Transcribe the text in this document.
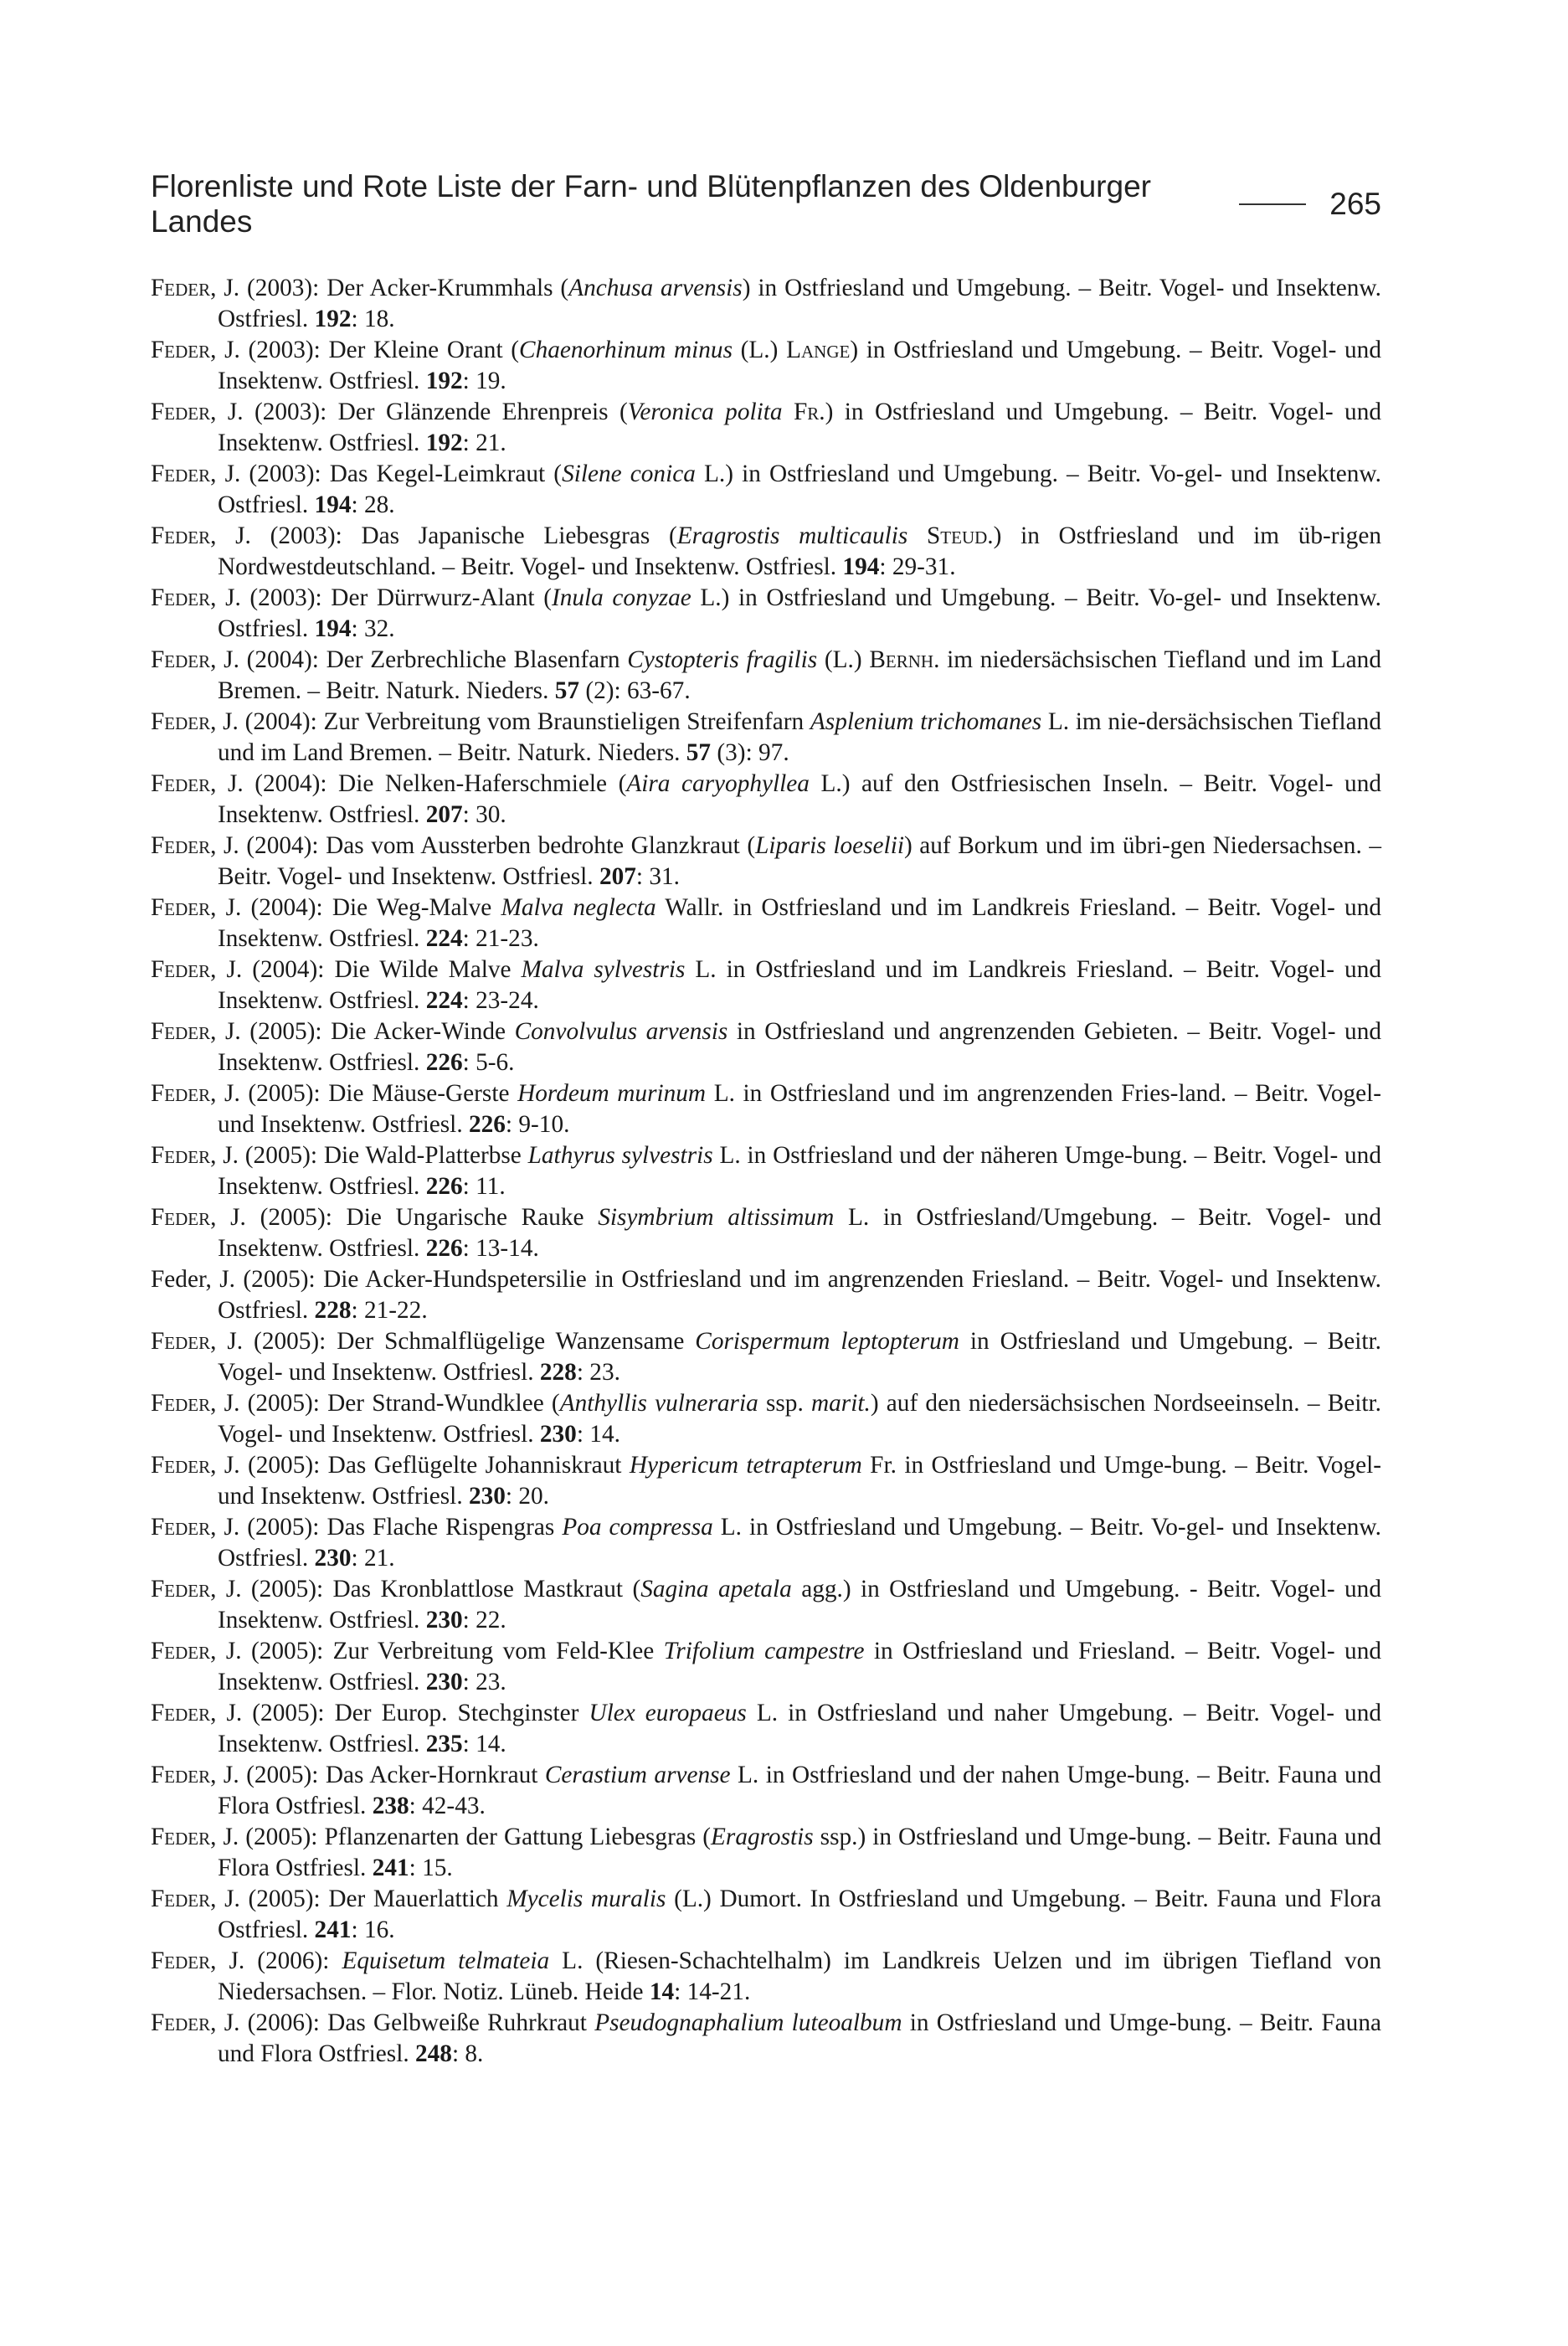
Florenliste und Rote Liste der Farn- und Blütenpflanzen des Oldenburger Landes
265

Feder, J. (2003): Der Acker-Krummhals (Anchusa arvensis) in Ostfriesland und Umgebung. – Beitr. Vogel- und Insektenw. Ostfriesl. 192: 18.

Feder, J. (2003): Der Kleine Orant (Chaenorhinum minus (L.) Lange) in Ostfriesland und Umgebung. – Beitr. Vogel- und Insektenw. Ostfriesl. 192: 19.

Feder, J. (2003): Der Glänzende Ehrenpreis (Veronica polita Fr.) in Ostfriesland und Umgebung. – Beitr. Vogel- und Insektenw. Ostfriesl. 192: 21.

Feder, J. (2003): Das Kegel-Leimkraut (Silene conica L.) in Ostfriesland und Umgebung. – Beitr. Vo-gel- und Insektenw. Ostfriesl. 194: 28.

Feder, J. (2003): Das Japanische Liebesgras (Eragrostis multicaulis Steud.) in Ostfriesland und im üb-rigen Nordwestdeutschland. – Beitr. Vogel- und Insektenw. Ostfriesl. 194: 29-31.

Feder, J. (2003): Der Dürrwurz-Alant (Inula conyzae L.) in Ostfriesland und Umgebung. – Beitr. Vo-gel- und Insektenw. Ostfriesl. 194: 32.

Feder, J. (2004): Der Zerbrechliche Blasenfarn Cystopteris fragilis (L.) Bernh. im niedersächsischen Tiefland und im Land Bremen. – Beitr. Naturk. Nieders. 57 (2): 63-67.

Feder, J. (2004): Zur Verbreitung vom Braunstieligen Streifenfarn Asplenium trichomanes L. im nie-dersächsischen Tiefland und im Land Bremen. – Beitr. Naturk. Nieders. 57 (3): 97.

Feder, J. (2004): Die Nelken-Haferschmiele (Aira caryophyllea L.) auf den Ostfriesischen Inseln. – Beitr. Vogel- und Insektenw. Ostfriesl. 207: 30.

Feder, J. (2004): Das vom Aussterben bedrohte Glanzkraut (Liparis loeselii) auf Borkum und im übri-gen Niedersachsen. – Beitr. Vogel- und Insektenw. Ostfriesl. 207: 31.

Feder, J. (2004): Die Weg-Malve Malva neglecta Wallr. in Ostfriesland und im Landkreis Friesland. – Beitr. Vogel- und Insektenw. Ostfriesl. 224: 21-23.

Feder, J. (2004): Die Wilde Malve Malva sylvestris L. in Ostfriesland und im Landkreis Friesland. – Beitr. Vogel- und Insektenw. Ostfriesl. 224: 23-24.

Feder, J. (2005): Die Acker-Winde Convolvulus arvensis in Ostfriesland und angrenzenden Gebieten. – Beitr. Vogel- und Insektenw. Ostfriesl. 226: 5-6.

Feder, J. (2005): Die Mäuse-Gerste Hordeum murinum L. in Ostfriesland und im angrenzenden Fries-land. – Beitr. Vogel- und Insektenw. Ostfriesl. 226: 9-10.

Feder, J. (2005): Die Wald-Platterbse Lathyrus sylvestris L. in Ostfriesland und der näheren Umge-bung. – Beitr. Vogel- und Insektenw. Ostfriesl. 226: 11.

Feder, J. (2005): Die Ungarische Rauke Sisymbrium altissimum L. in Ostfriesland/Umgebung. – Beitr. Vogel- und Insektenw. Ostfriesl. 226: 13-14.

Feder, J. (2005): Die Acker-Hundspetersilie in Ostfriesland und im angrenzenden Friesland. – Beitr. Vogel- und Insektenw. Ostfriesl. 228: 21-22.

Feder, J. (2005): Der Schmalflügelige Wanzensame Corispermum leptopterum in Ostfriesland und Umgebung. – Beitr. Vogel- und Insektenw. Ostfriesl. 228: 23.

Feder, J. (2005): Der Strand-Wundklee (Anthyllis vulneraria ssp. marit.) auf den niedersächsischen Nordseeinseln. – Beitr. Vogel- und Insektenw. Ostfriesl. 230: 14.

Feder, J. (2005): Das Geflügelte Johanniskraut Hypericum tetrapterum Fr. in Ostfriesland und Umge-bung. – Beitr. Vogel- und Insektenw. Ostfriesl. 230: 20.

Feder, J. (2005): Das Flache Rispengras Poa compressa L. in Ostfriesland und Umgebung. – Beitr. Vo-gel- und Insektenw. Ostfriesl. 230: 21.

Feder, J. (2005): Das Kronblattlose Mastkraut (Sagina apetala agg.) in Ostfriesland und Umgebung. - Beitr. Vogel- und Insektenw. Ostfriesl. 230: 22.

Feder, J. (2005): Zur Verbreitung vom Feld-Klee Trifolium campestre in Ostfriesland und Friesland. – Beitr. Vogel- und Insektenw. Ostfriesl. 230: 23.

Feder, J. (2005): Der Europ. Stechginster Ulex europaeus L. in Ostfriesland und naher Umgebung. – Beitr. Vogel- und Insektenw. Ostfriesl. 235: 14.

Feder, J. (2005): Das Acker-Hornkraut Cerastium arvense L. in Ostfriesland und der nahen Umge-bung. – Beitr. Fauna und Flora Ostfriesl. 238: 42-43.

Feder, J. (2005): Pflanzenarten der Gattung Liebesgras (Eragrostis ssp.) in Ostfriesland und Umge-bung. – Beitr. Fauna und Flora Ostfriesl. 241: 15.

Feder, J. (2005): Der Mauerlattich Mycelis muralis (L.) Dumort. In Ostfriesland und Umgebung. – Beitr. Fauna und Flora Ostfriesl. 241: 16.

Feder, J. (2006): Equisetum telmateia L. (Riesen-Schachtelhalm) im Landkreis Uelzen und im übrigen Tiefland von Niedersachsen. – Flor. Notiz. Lüneb. Heide 14: 14-21.

Feder, J. (2006): Das Gelbweiße Ruhrkraut Pseudognaphalium luteoalbum in Ostfriesland und Umge-bung. – Beitr. Fauna und Flora Ostfriesl. 248: 8.
